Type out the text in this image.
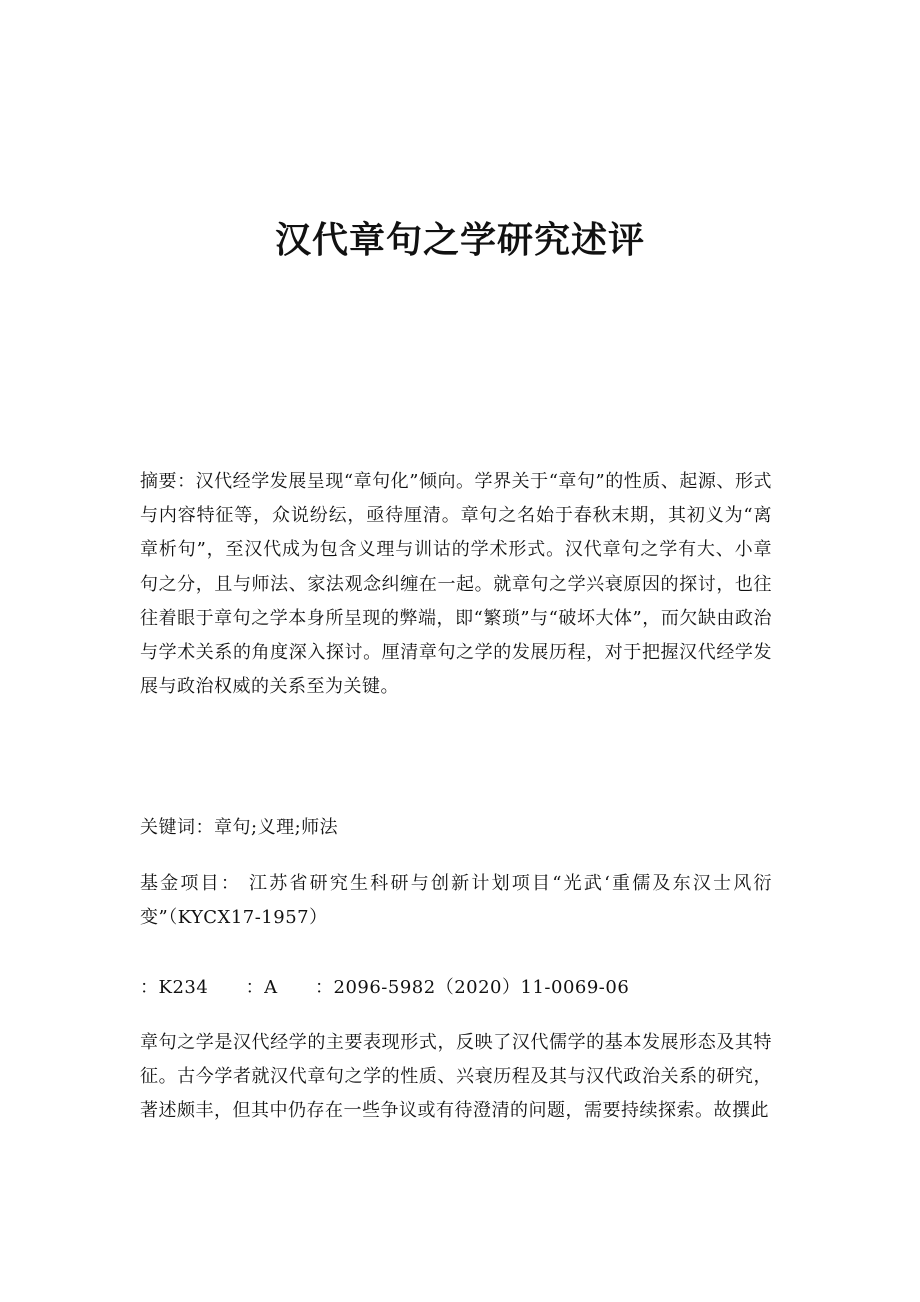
汉代章句之学研究述评

摘要：汉代经学发展呈现“章句化”倾向。学界关于“章句”的性质、起源、形式与内容特征等，众说纷纭，亟待厘清。章句之名始于春秋末期，其初义为“离章析句”，至汉代成为包含义理与训诂的学术形式。汉代章句之学有大、小章句之分，且与师法、家法观念纠缠在一起。就章句之学兴衰原因的探讨，也往往着眼于章句之学本身所呈现的弊端，即“繁琐”与“破坏大体”，而欠缺由政治与学术关系的角度深入探讨。厘清章句之学的发展历程，对于把握汉代经学发展与政治权威的关系至为关键。

关键词：章句;义理;师法

基金项目： 江苏省研究生科研与创新计划项目“光武‘重儒及东汉士风衍变”（KYCX17-1957）

：K234 ：A ：2096-5982（2020）11-0069-06

章句之学是汉代经学的主要表现形式，反映了汉代儒学的基本发展形态及其特征。古今学者就汉代章句之学的性质、兴衰历程及其与汉代政治关系的研究，著述颇丰，但其中仍存在一些争议或有待澄清的问题，需要持续探索。故撰此
